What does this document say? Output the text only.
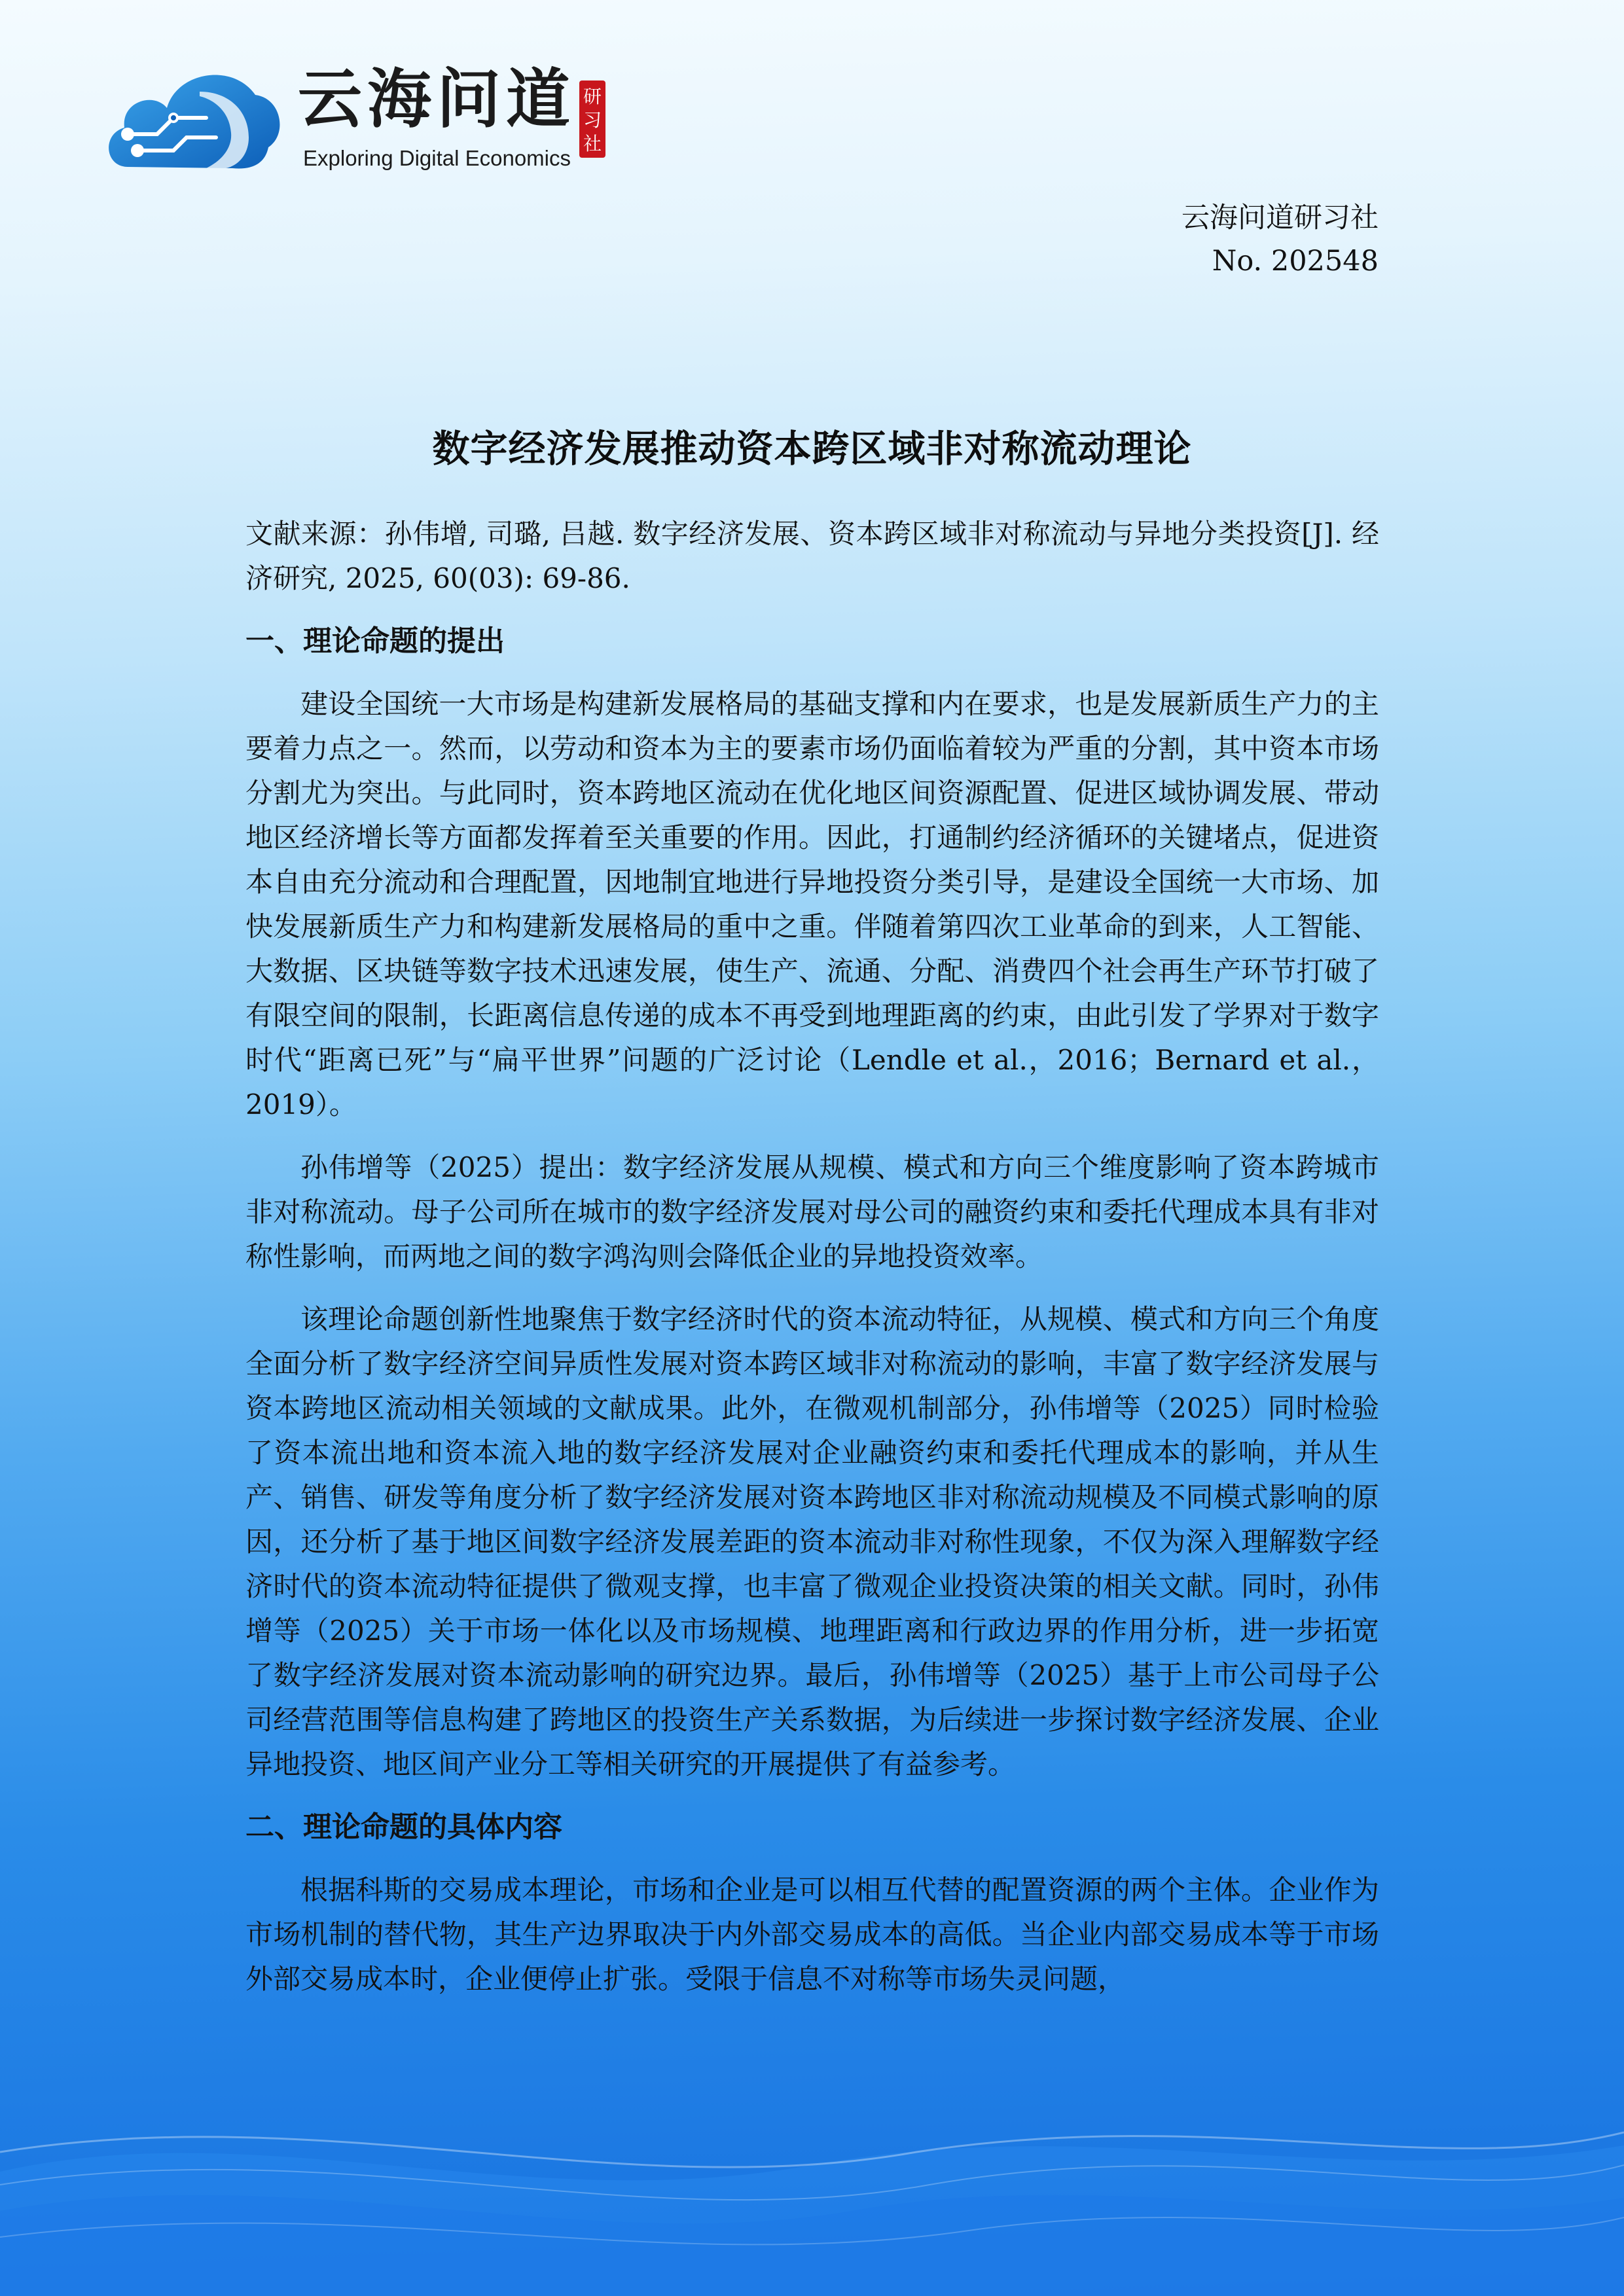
云海问道
Exploring Digital Economics
研
习
社
云海问道研习社
No. 202548
数字经济发展推动资本跨区域非对称流动理论
文献来源：孙伟增, 司璐, 吕越. 数字经济发展、资本跨区域非对称流动与异地分类投资[J]. 经济研究, 2025, 60(03): 69-86.
一、理论命题的提出
建设全国统一大市场是构建新发展格局的基础支撑和内在要求，也是发展新质生产力的主要着力点之一。然而，以劳动和资本为主的要素市场仍面临着较为严重的分割，其中资本市场分割尤为突出。与此同时，资本跨地区流动在优化地区间资源配置、促进区域协调发展、带动地区经济增长等方面都发挥着至关重要的作用。因此，打通制约经济循环的关键堵点，促进资本自由充分流动和合理配置，因地制宜地进行异地投资分类引导，是建设全国统一大市场、加快发展新质生产力和构建新发展格局的重中之重。伴随着第四次工业革命的到来，人工智能、大数据、区块链等数字技术迅速发展，使生产、流通、分配、消费四个社会再生产环节打破了有限空间的限制，长距离信息传递的成本不再受到地理距离的约束，由此引发了学界对于数字时代“距离已死”与“扁平世界”问题的广泛讨论（Lendle et al.，2016；Bernard et al.，2019）。
孙伟增等（2025）提出：数字经济发展从规模、模式和方向三个维度影响了资本跨城市非对称流动。母子公司所在城市的数字经济发展对母公司的融资约束和委托代理成本具有非对称性影响，而两地之间的数字鸿沟则会降低企业的异地投资效率。
该理论命题创新性地聚焦于数字经济时代的资本流动特征，从规模、模式和方向三个角度全面分析了数字经济空间异质性发展对资本跨区域非对称流动的影响，丰富了数字经济发展与资本跨地区流动相关领域的文献成果。此外，在微观机制部分，孙伟增等（2025）同时检验了资本流出地和资本流入地的数字经济发展对企业融资约束和委托代理成本的影响，并从生产、销售、研发等角度分析了数字经济发展对资本跨地区非对称流动规模及不同模式影响的原因，还分析了基于地区间数字经济发展差距的资本流动非对称性现象，不仅为深入理解数字经济时代的资本流动特征提供了微观支撑，也丰富了微观企业投资决策的相关文献。同时，孙伟增等（2025）关于市场一体化以及市场规模、地理距离和行政边界的作用分析，进一步拓宽了数字经济发展对资本流动影响的研究边界。最后，孙伟增等（2025）基于上市公司母子公司经营范围等信息构建了跨地区的投资生产关系数据，为后续进一步探讨数字经济发展、企业异地投资、地区间产业分工等相关研究的开展提供了有益参考。
二、理论命题的具体内容
根据科斯的交易成本理论，市场和企业是可以相互代替的配置资源的两个主体。企业作为市场机制的替代物，其生产边界取决于内外部交易成本的高低。当企业内部交易成本等于市场外部交易成本时，企业便停止扩张。受限于信息不对称等市场失灵问题，
